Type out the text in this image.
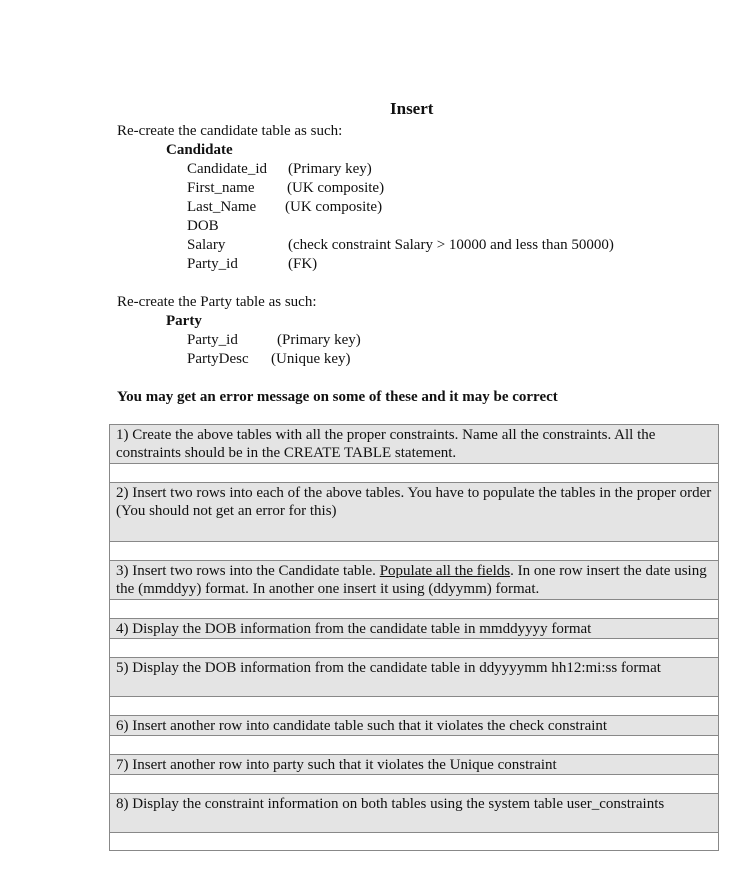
Insert
Re-create the candidate table as such:
Candidate
Candidate_id (Primary key)
First_name (UK composite)
Last_Name (UK composite)
DOB
Salary	(check constraint Salary > 10000 and less than 50000)
Party_id	(FK)
Re-create the Party table as such:
Party
Party_id	(Primary key)
PartyDesc (Unique key)
You may get an error message on some of these and it may be correct
1) Create the above tables with all the proper constraints. Name all the constraints. All the constraints should be in the CREATE TABLE statement.
2) Insert two rows into each of the above tables. You have to populate the tables in the proper order (You should not get an error for this)
3) Insert two rows into the Candidate table. Populate all the fields. In one row insert the date using the (mmddyy) format. In another one insert it using (ddyymm) format.
4) Display the DOB information from the candidate table in mmddyyyy format
5) Display the DOB information from the candidate table in ddyyyymm hh12:mi:ss format
6) Insert another row into candidate table such that it violates the check constraint
7) Insert another row into party such that it violates the Unique constraint
8) Display the constraint information on both tables using the system table user_constraints
